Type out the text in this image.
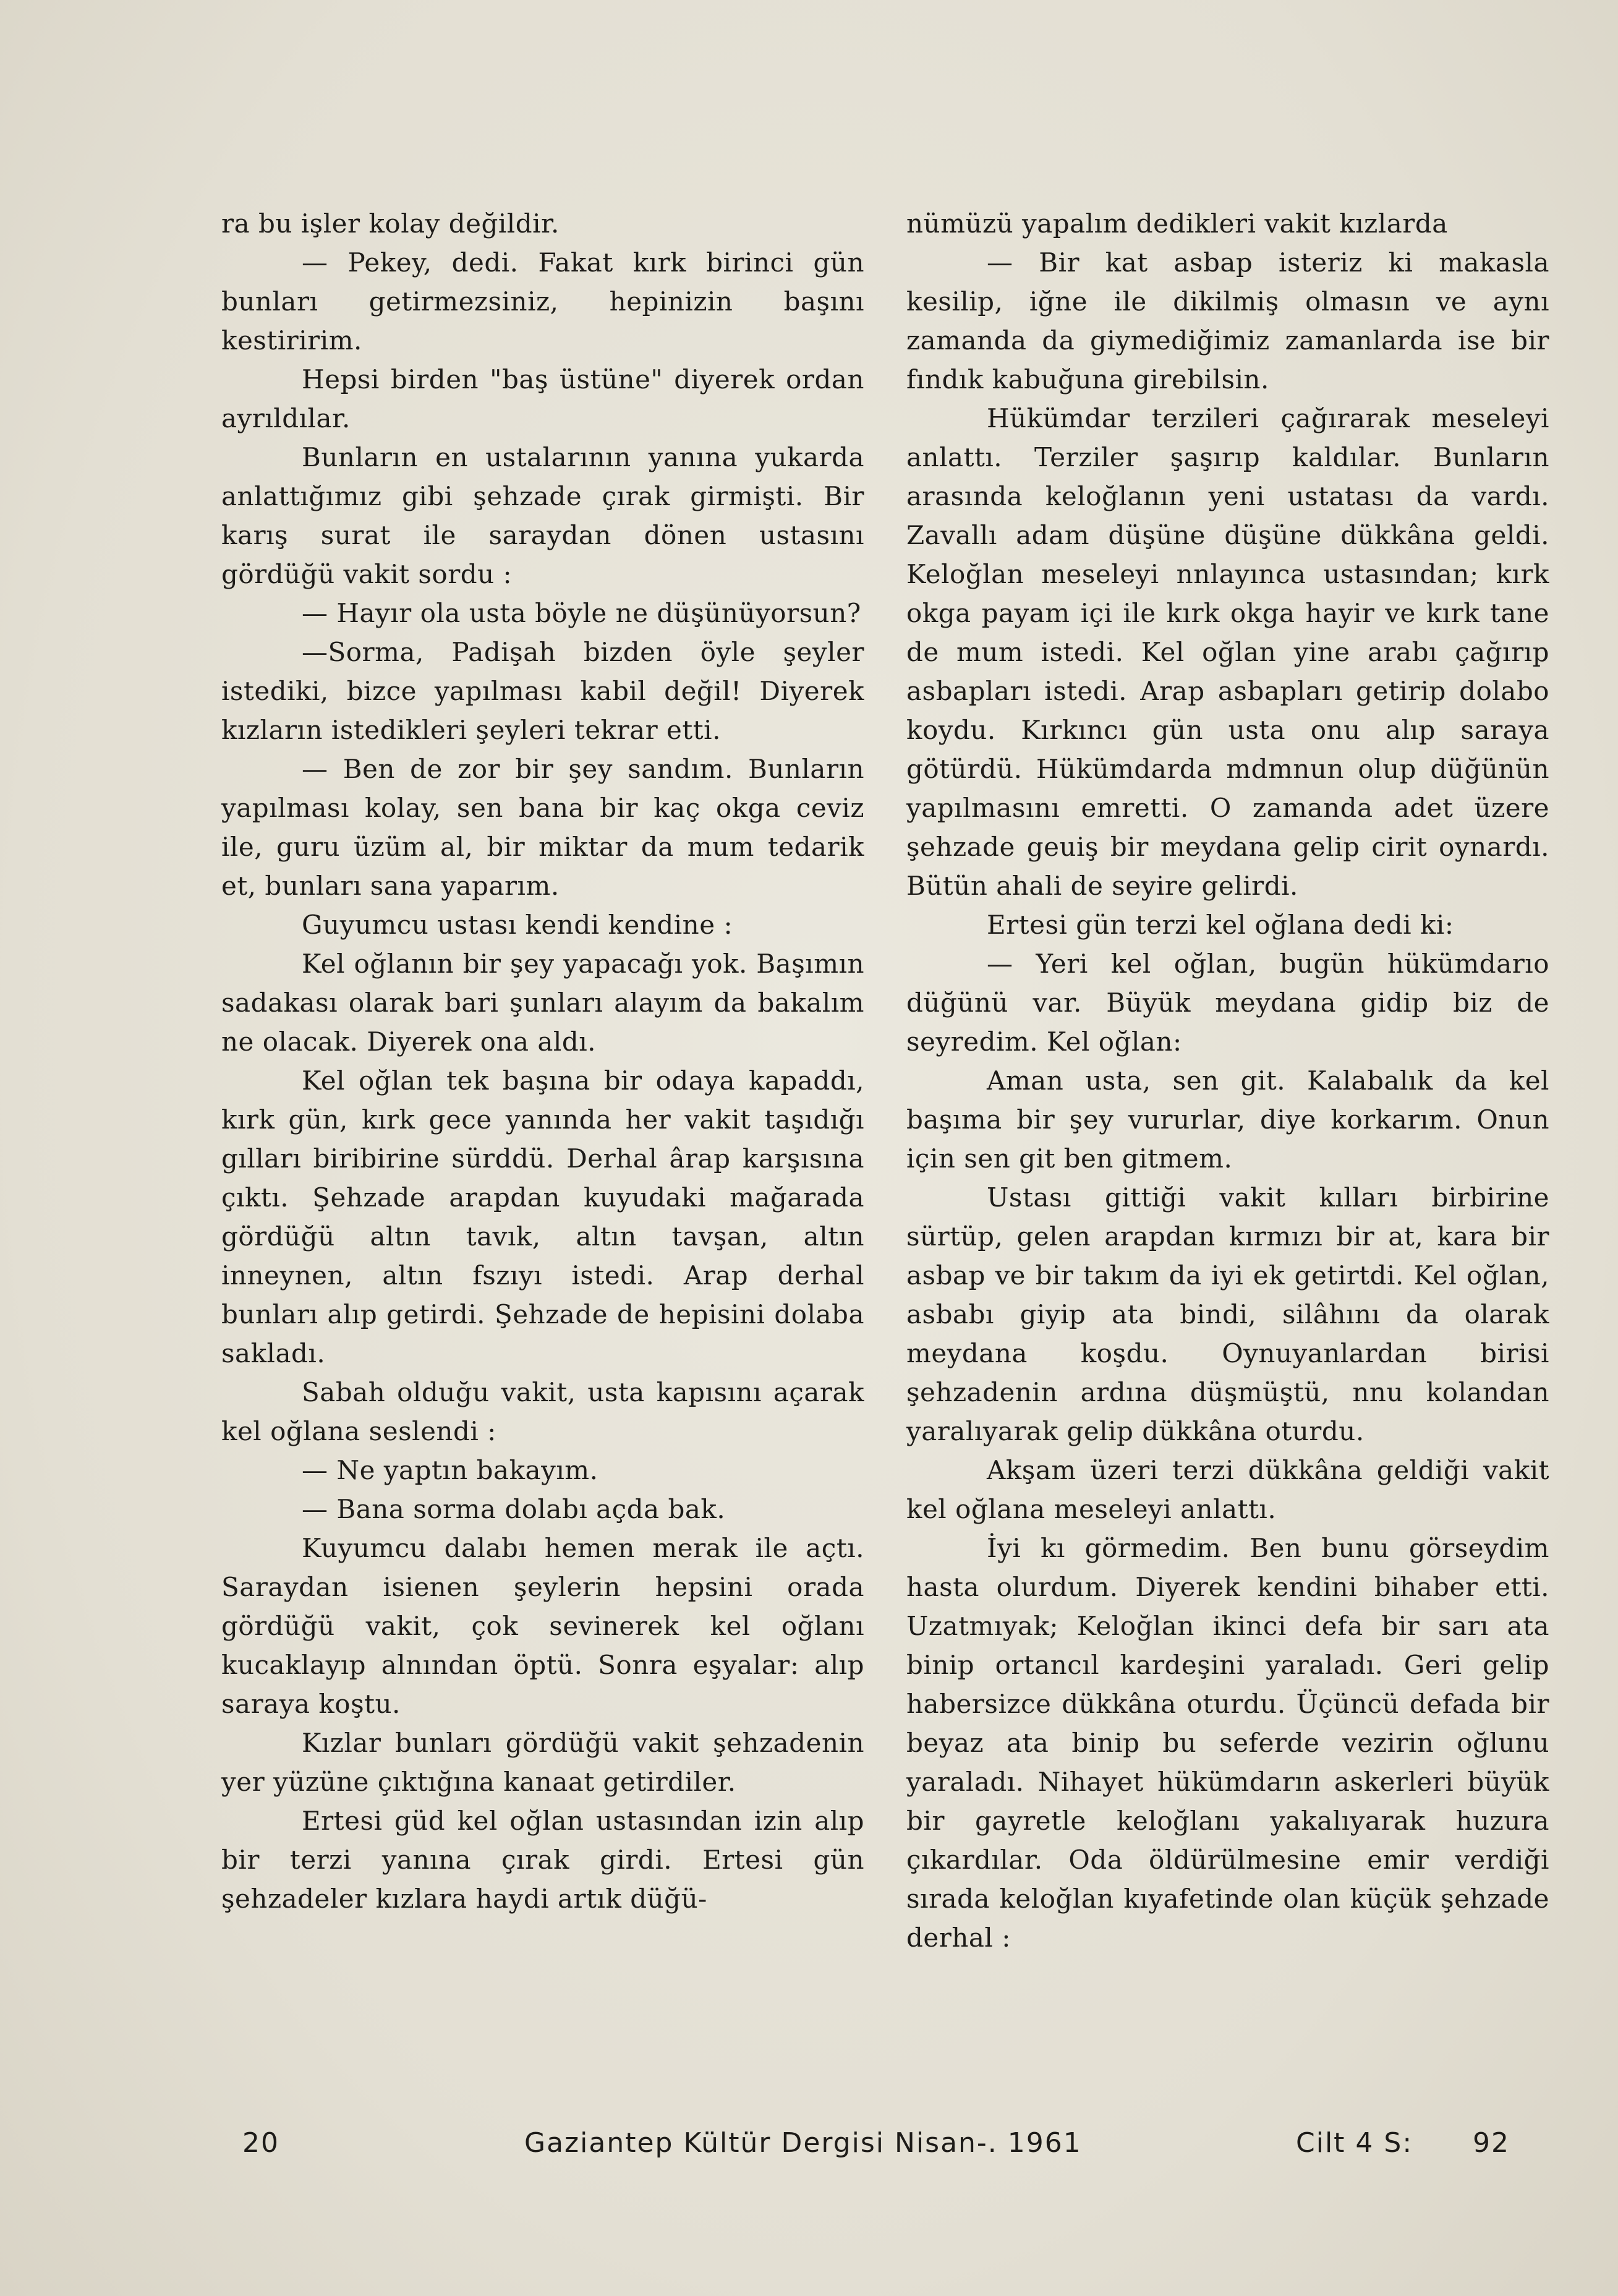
ra bu işler kolay değildir.

— Pekey, dedi. Fakat kırk birinci gün bunları getirmezsiniz, hepinizin başını kestiririm.

Hepsi birden "baş üstüne" diyerek ordan ayrıldılar.

Bunların en ustalarının yanına yukarda anlattığımız gibi şehzade çırak girmişti. Bir karış surat ile saraydan dönen ustasını gördüğü vakit sordu :

— Hayır ola usta böyle ne düşünüyorsun?

—Sorma, Padişah bizden öyle şeyler istediki, bizce yapılması kabil değil! Diyerek kızların istedikleri şeyleri tekrar etti.

— Ben de zor bir şey sandım. Bunların yapılması kolay, sen bana bir kaç okga ceviz ile, guru üzüm al, bir miktar da mum tedarik et, bunları sana yaparım.

Guyumcu ustası kendi kendine :

Kel oğlanın bir şey yapacağı yok. Başımın sadakası olarak bari şunları alayım da bakalım ne olacak. Diyerek ona aldı.

Kel oğlan tek başına bir odaya kapaddı, kırk gün, kırk gece yanında her vakit taşıdığı gılları biribirine sürddü. Derhal ârap karşısına çıktı. Şehzade arapdan kuyudaki mağarada gördüğü altın tavık, altın tavşan, altın inneynen, altın fszıyı istedi. Arap derhal bunları alıp getirdi. Şehzade de hepisini dolaba sakladı.

Sabah olduğu vakit, usta kapısını açarak kel oğlana seslendi :

— Ne yaptın bakayım.

— Bana sorma dolabı açda bak.

Kuyumcu dalabı hemen merak ile açtı. Saraydan isienen şeylerin hepsini orada gördüğü vakit, çok sevinerek kel oğlanı kucaklayıp alnından öptü. Sonra eşyalar: alıp saraya koştu.

Kızlar bunları gördüğü vakit şehzadenin yer yüzüne çıktığına kanaat getirdiler.

Ertesi güd kel oğlan ustasından izin alıp bir terzi yanına çırak girdi. Ertesi gün şehzadeler kızlara haydi artık düğü-

nümüzü yapalım dedikleri vakit kızlarda

— Bir kat asbap isteriz ki makasla kesilip, iğne ile dikilmiş olmasın ve aynı zamanda da giymediğimiz zamanlarda ise bir fındık kabuğuna girebilsin.

Hükümdar terzileri çağırarak meseleyi anlattı. Terziler şaşırıp kaldılar. Bunların arasında keloğlanın yeni ustatası da vardı. Zavallı adam düşüne düşüne dükkâna geldi. Keloğlan meseleyi nnlayınca ustasından; kırk okga payam içi ile kırk okga hayir ve kırk tane de mum istedi. Kel oğlan yine arabı çağırıp asbapları istedi. Arap asbapları getirip dolabo koydu. Kırkıncı gün usta onu alıp saraya götürdü. Hükümdarda mdmnun olup düğünün yapılmasını emretti. O zamanda adet üzere şehzade geuiş bir meydana gelip cirit oynardı. Bütün ahali de seyire gelirdi.

Ertesi gün terzi kel oğlana dedi ki:

— Yeri kel oğlan, bugün hükümdarıo düğünü var. Büyük meydana gidip biz de seyredim. Kel oğlan:

Aman usta, sen git. Kalabalık da kel başıma bir şey vururlar, diye korkarım. Onun için sen git ben gitmem.

Ustası gittiği vakit kılları birbirine sürtüp, gelen arapdan kırmızı bir at, kara bir asbap ve bir takım da iyi ek getirtdi. Kel oğlan, asbabı giyip ata bindi, silâhını da olarak meydana koşdu. Oynuyanlardan birisi şehzadenin ardına düşmüştü, nnu kolandan yaralıyarak gelip dükkâna oturdu.

Akşam üzeri terzi dükkâna geldiği vakit kel oğlana meseleyi anlattı.

İyi kı görmedim. Ben bunu görseydim hasta olurdum. Diyerek kendini bihaber etti. Uzatmıyak; Keloğlan ikinci defa bir sarı ata binip ortancıl kardeşini yaraladı. Geri gelip habersizce dükkâna oturdu. Üçüncü defada bir beyaz ata binip bu seferde vezirin oğlunu yaraladı. Nihayet hükümdarın askerleri büyük bir gayretle keloğlanı yakalıyarak huzura çıkardılar. Oda öldürülmesine emir verdiği sırada keloğlan kıyafetinde olan küçük şehzade derhal :

20	Gaziantep Kültür Dergisi Nisan-. 1961	Cilt 4 S: 92
